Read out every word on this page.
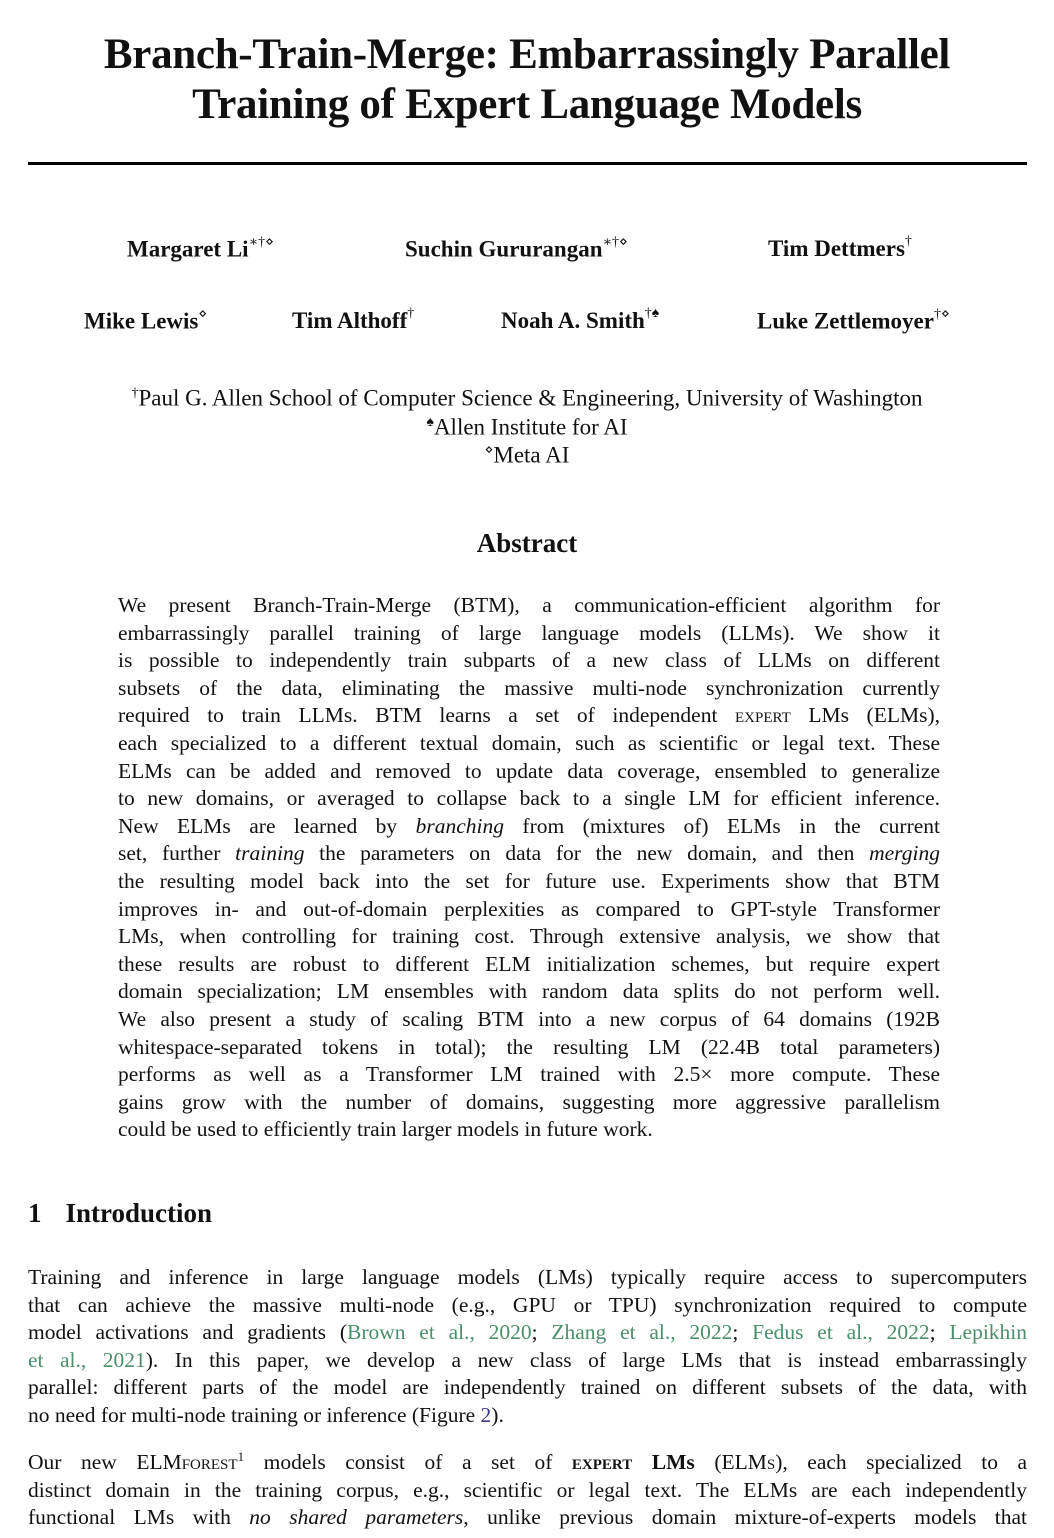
Branch-Train-Merge: Embarrassingly Parallel
Training of Expert Language Models
Margaret Li∗†⋄	Suchin Gururangan∗†⋄	Tim Dettmers†
Mike Lewis⋄	Tim Althoff†	Noah A. Smith†♠	Luke Zettlemoyer†⋄
†Paul G. Allen School of Computer Science & Engineering, University of Washington
♠Allen Institute for AI
⋄Meta AI
Abstract
We present Branch-Train-Merge (BTM), a communication-efficient algorithm for
embarrassingly parallel training of large language models (LLMs). We show it
is possible to independently train subparts of a new class of LLMs on different
subsets of the data, eliminating the massive multi-node synchronization currently
required to train LLMs. BTM learns a set of independent expert LMs (ELMs),
each specialized to a different textual domain, such as scientific or legal text. These
ELMs can be added and removed to update data coverage, ensembled to generalize
to new domains, or averaged to collapse back to a single LM for efficient inference.
New ELMs are learned by branching from (mixtures of) ELMs in the current
set, further training the parameters on data for the new domain, and then merging
the resulting model back into the set for future use. Experiments show that BTM
improves in- and out-of-domain perplexities as compared to GPT-style Transformer
LMs, when controlling for training cost. Through extensive analysis, we show that
these results are robust to different ELM initialization schemes, but require expert
domain specialization; LM ensembles with random data splits do not perform well.
We also present a study of scaling BTM into a new corpus of 64 domains (192B
whitespace-separated tokens in total); the resulting LM (22.4B total parameters)
performs as well as a Transformer LM trained with 2.5× more compute. These
gains grow with the number of domains, suggesting more aggressive parallelism
could be used to efficiently train larger models in future work.
1 Introduction
Training and inference in large language models (LMs) typically require access to supercomputers
that can achieve the massive multi-node (e.g., GPU or TPU) synchronization required to compute
model activations and gradients (Brown et al., 2020; Zhang et al., 2022; Fedus et al., 2022; Lepikhin
et al., 2021). In this paper, we develop a new class of large LMs that is instead embarrassingly
parallel: different parts of the model are independently trained on different subsets of the data, with
no need for multi-node training or inference (Figure 2).
Our new ELMforest$^1$ models consist of a set of expert LMs (ELMs), each specialized to a
distinct domain in the training corpus, e.g., scientific or legal text. The ELMs are each independently
functional LMs with no shared parameters, unlike previous domain mixture-of-experts models that
